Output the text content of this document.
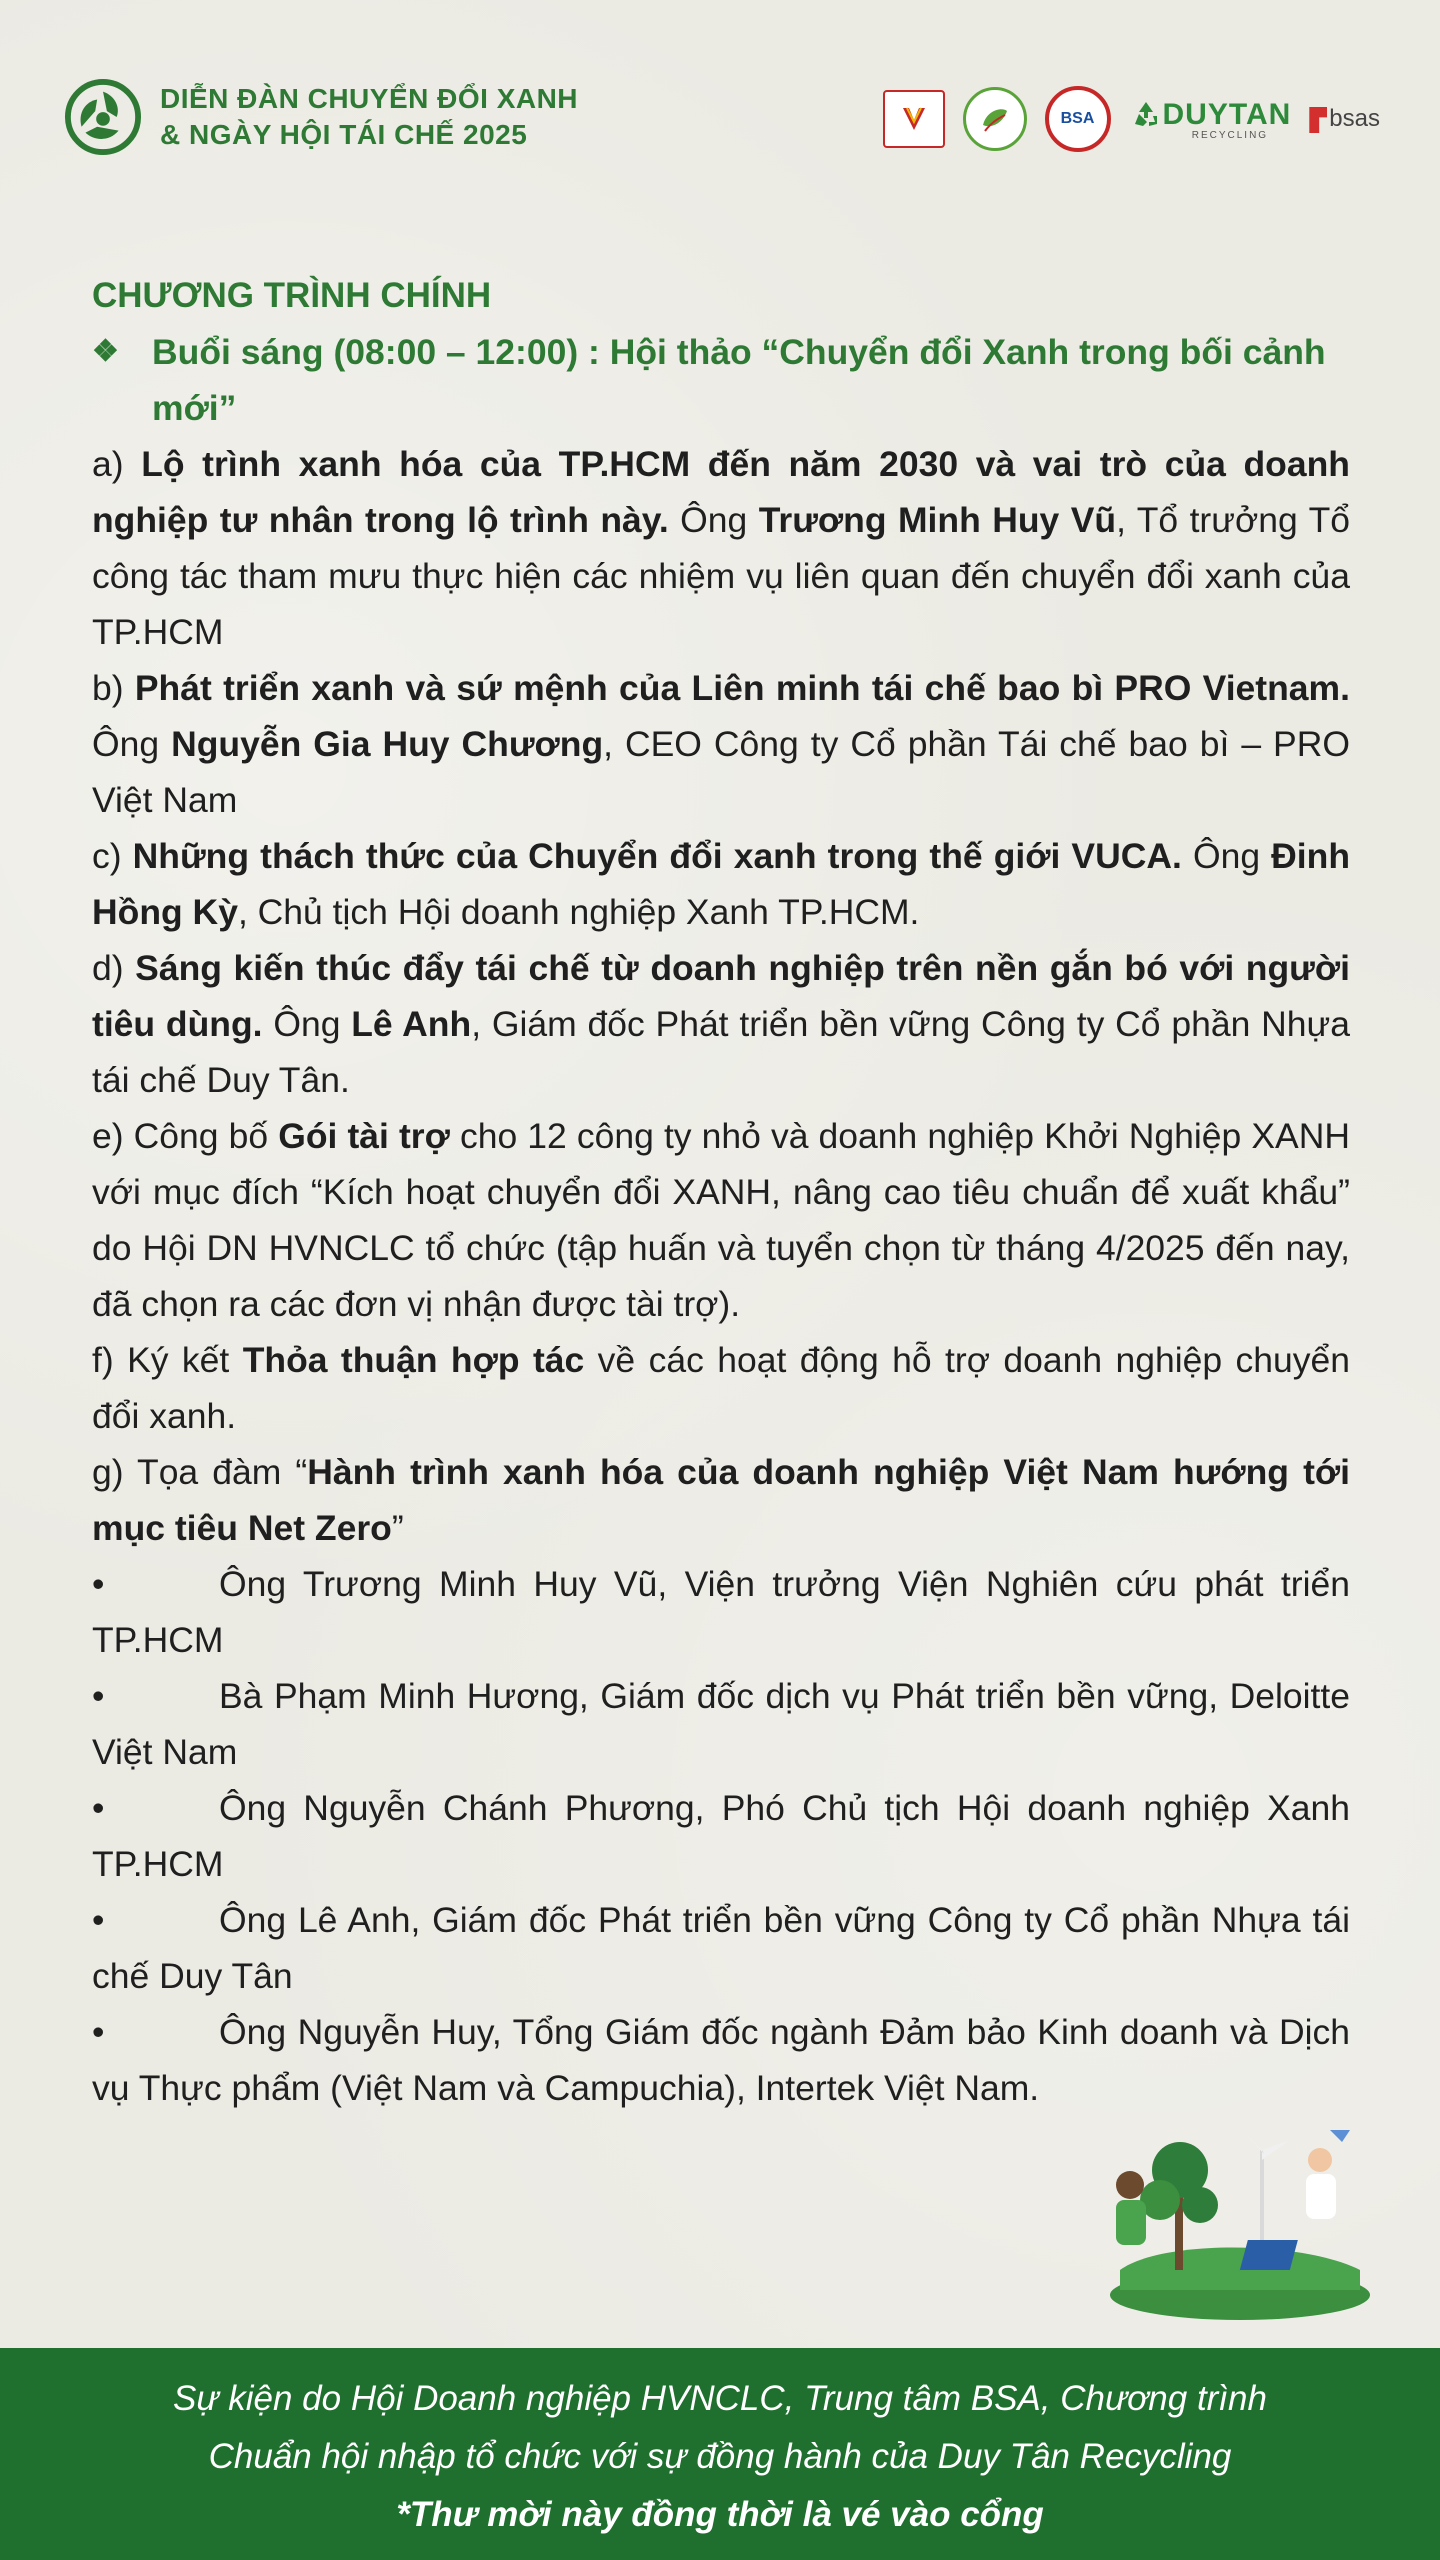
DIỄN ĐÀN CHUYỂN ĐỔI XANH
& NGÀY HỘI TÁI CHẾ 2025
BSA DUYTAN
RECYCLING
bsas
CHƯƠNG TRÌNH CHÍNH
❖ Buổi sáng (08:00 – 12:00) : Hội thảo “Chuyển đổi Xanh trong bối cảnh mới”
a) Lộ trình xanh hóa của TP.HCM đến năm 2030 và vai trò của doanh nghiệp tư nhân trong lộ trình này. Ông Trương Minh Huy Vũ, Tổ trưởng Tổ công tác tham mưu thực hiện các nhiệm vụ liên quan đến chuyển đổi xanh của TP.HCM
b) Phát triển xanh và sứ mệnh của Liên minh tái chế bao bì PRO Vietnam. Ông Nguyễn Gia Huy Chương, CEO Công ty Cổ phần Tái chế bao bì – PRO Việt Nam
c) Những thách thức của Chuyển đổi xanh trong thế giới VUCA. Ông Đinh Hồng Kỳ, Chủ tịch Hội doanh nghiệp Xanh TP.HCM.
d) Sáng kiến thúc đẩy tái chế từ doanh nghiệp trên nền gắn bó với người tiêu dùng. Ông Lê Anh, Giám đốc Phát triển bền vững Công ty Cổ phần Nhựa tái chế Duy Tân.
e) Công bố Gói tài trợ cho 12 công ty nhỏ và doanh nghiệp Khởi Nghiệp XANH với mục đích “Kích hoạt chuyển đổi XANH, nâng cao tiêu chuẩn để xuất khẩu” do Hội DN HVNCLC tổ chức (tập huấn và tuyển chọn từ tháng 4/2025 đến nay, đã chọn ra các đơn vị nhận được tài trợ).
f) Ký kết Thỏa thuận hợp tác về các hoạt động hỗ trợ doanh nghiệp chuyển đổi xanh.
g) Tọa đàm “Hành trình xanh hóa của doanh nghiệp Việt Nam hướng tới mục tiêu Net Zero”
•	Ông Trương Minh Huy Vũ, Viện trưởng Viện Nghiên cứu phát triển TP.HCM
•	Bà Phạm Minh Hương, Giám đốc dịch vụ Phát triển bền vững, Deloitte Việt Nam
•	Ông Nguyễn Chánh Phương, Phó Chủ tịch Hội doanh nghiệp Xanh TP.HCM
•	Ông Lê Anh, Giám đốc Phát triển bền vững Công ty Cổ phần Nhựa tái chế Duy Tân
•	Ông Nguyễn Huy, Tổng Giám đốc ngành Đảm bảo Kinh doanh và Dịch vụ Thực phẩm (Việt Nam và Campuchia), Intertek Việt Nam.
Sự kiện do Hội Doanh nghiệp HVNCLC, Trung tâm BSA, Chương trình
Chuẩn hội nhập tổ chức với sự đồng hành của Duy Tân Recycling
*Thư mời này đồng thời là vé vào cổng
